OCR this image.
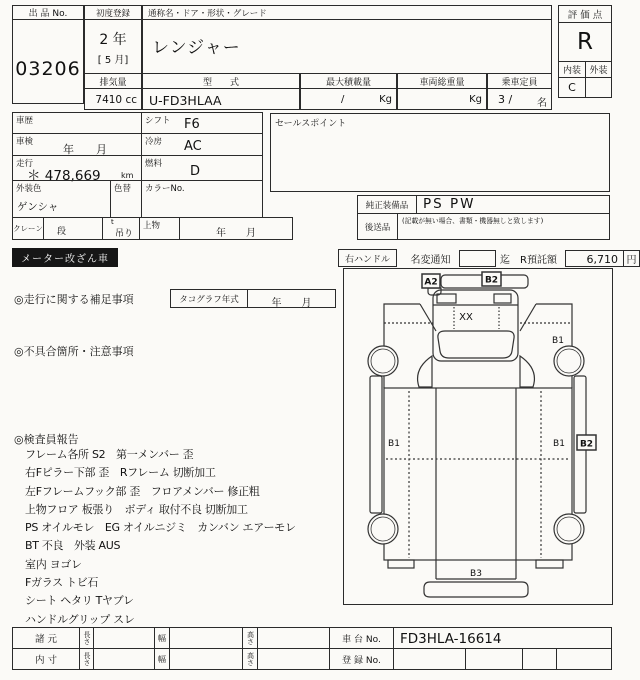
出 品 No.
03206
初度登録
2 年
[ 5 月]
通称名・ドア・形状・グレード
レンジャー
排気量
7410 cc
型　　式
U-FD3HLAA
最大積載量
/	Kg
車両総重量
Kg
乗車定員
3 / 名
評 価 点
R
内装 外装
C
車歴	シフト F6
車検
年　　月
冷房 AC
走行
＊ 478,669	km
燃料 D
外装色
ゲンシャ
色替 カラーNo.
クレーン 段
t
吊り
上物
年　　月
セールスポイント
純正装備品	PS PW
後送品
(記載が無い場合、書類・機器無しと致します)
メーター改ざん車	右ハンドル	名変通知	迄	R預託額	6,710 円
◎走行に関する補足事項	タコグラフ年式	年　　月
◎不具合箇所・注意事項
◎検査員報告
フレーム各所 S2　第一メンバー 歪
右Fピラー下部 歪　Rフレーム 切断加工
左Fフレームフック部 歪　フロアメンバー 修正粗
上物フロア 板張り　ボディ 取付不良 切断加工
PS オイルモレ　EG オイルニジミ　カンバン エアーモレ
BT 不良　外装 AUS
室内 ヨゴレ
Fガラス トビ石
シート ヘタリ Tヤブレ
ハンドルグリップ スレ
A2	B2
XX
B1
B1	B1 B2
B3
諸 元	長さ	幅	高さ	車 台 No.	FD3HLA-16614
内 寸	長さ	幅	高さ	登 録 No.
